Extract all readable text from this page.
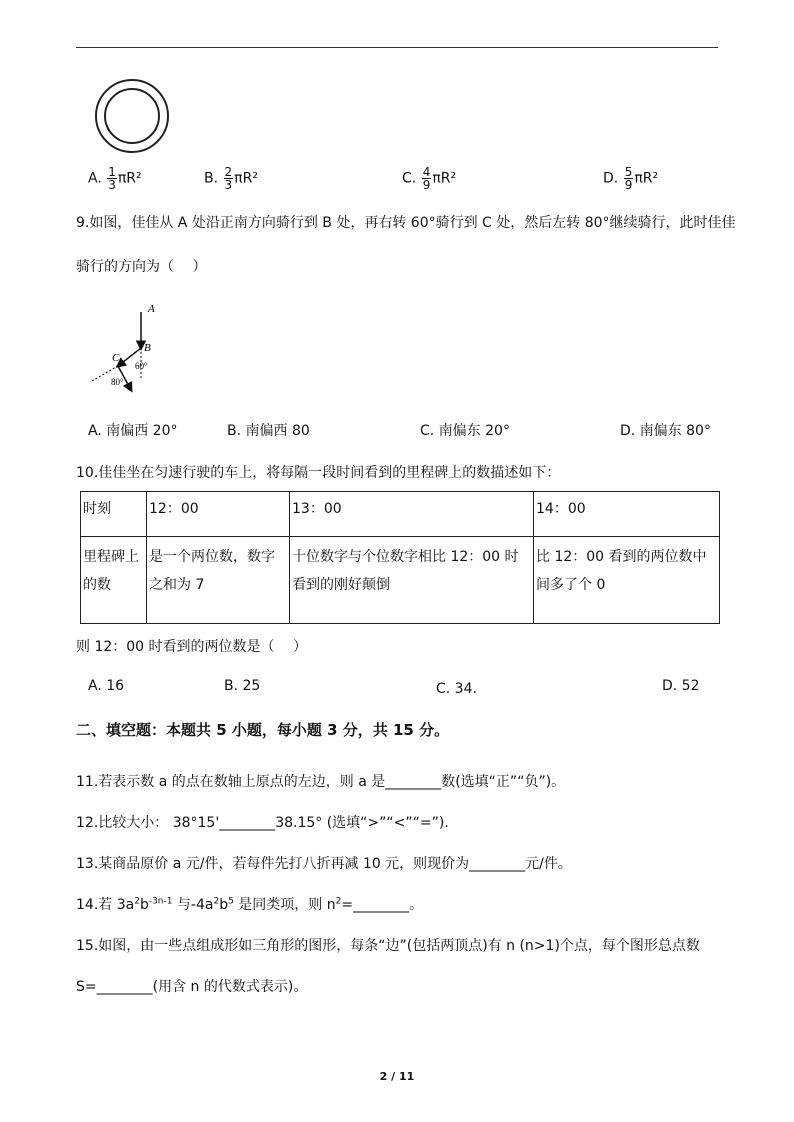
A. $\frac{1}{3} \pi R^2$	B. $\frac{2}{3} \pi R^2$	C. $\frac{4}{9} \pi R^2$	D. $\frac{5}{9} \pi R^2$
9.如图，佳佳从 A 处沿正南方向骑行到 B 处，再右转 60°骑行到 C 处，然后左转 80°继续骑行，此时佳佳
骑行的方向为（　 ）
A
B
C
60°
80°
A. 南偏西 20°	B. 南偏西 80	C. 南偏东 20°	D. 南偏东 80°
10.佳佳坐在匀速行驶的车上，将每隔一段时间看到的里程碑上的数描述如下：
时刻	12：00	13：00	14：00
里程碑上的数	是一个两位数，数字之和为 7	十位数字与个位数字相比 12：00 时看到的刚好颠倒	比 12：00 看到的两位数中间多了个 0
则 12：00 时看到的两位数是（　 ）
A. 16	B. 25	C. 34．	D. 52
二、填空题：本题共 5 小题，每小题 3 分，共 15 分。
11.若表示数 a 的点在数轴上原点的左边，则 a 是________数(选填“正”“负”)。
12.比较大小： 38°15'________38.15° (选填“>”“<”“=”).
13.某商品原价 a 元/件，若每件先打八折再减 10 元，则现价为________元/件。
14.若 $3a^2b^{-3n-1}$ 与$-4a^2b^5$ 是同类项，则 $n^2=\_\_\_\_\_\_\_\_$。
15.如图，由一些点组成形如三角形的图形，每条“边”(包括两顶点)有 n (n>1)个点，每个图形总点数
S=________(用含 n 的代数式表示)。
2 / 11
